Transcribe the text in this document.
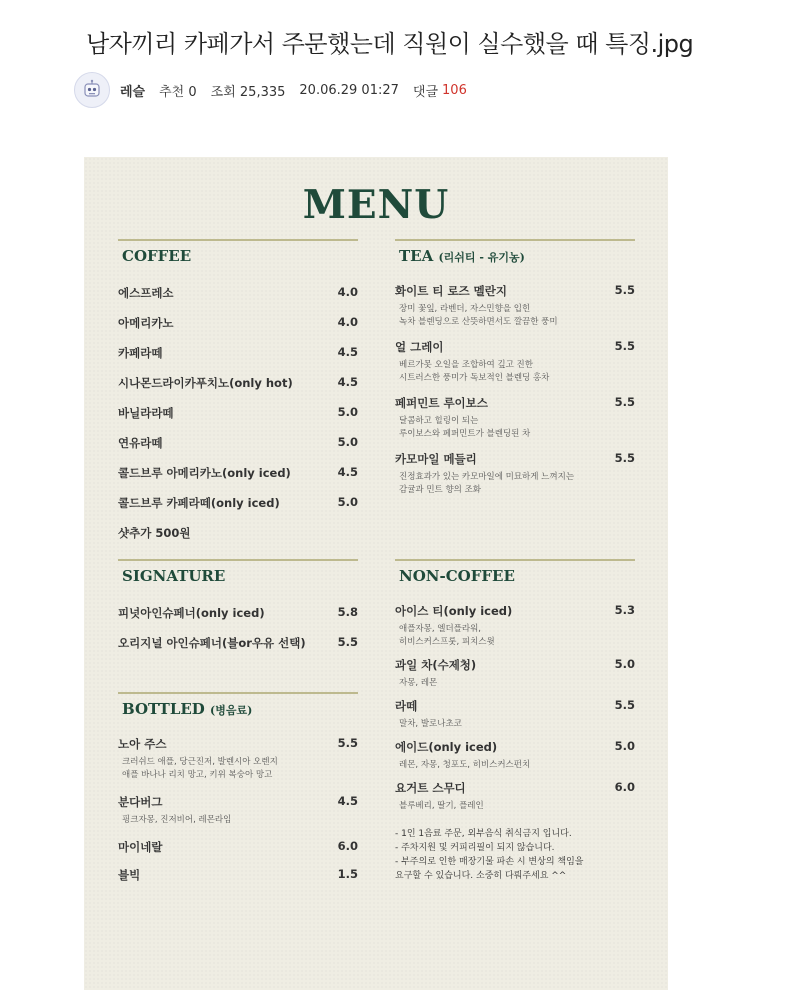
남자끼리 카페가서 주문했는데 직원이 실수했을 때 특징.jpg
레슬 추천 0 조회 25,335 20.06.29 01:27 댓글 106
MENU
COFFEE
에스프레소	4.0
아메리카노	4.0
카페라떼	4.5
시나몬드라이카푸치노(only hot)	4.5
바닐라라떼	5.0
연유라떼	5.0
콜드브루 아메리카노(only iced)	4.5
콜드브루 카페라떼(only iced)	5.0
샷추가 500원
SIGNATURE
피넛아인슈페너(only iced)	5.8
오리지널 아인슈페너(블or우유 선택)	5.5
BOTTLED (병음료)
노아 주스	5.5
크러쉬드 애플, 당근진저, 발렌시아 오렌지
애플 바나나 리치 망고, 키위 복숭아 망고
분다버그	4.5
핑크자몽, 진저비어, 레몬라임
마이네랄	6.0
블빅	1.5
TEA (리쉬티 - 유기농)
화이트 티 로즈 멜란지	5.5
장미 꽃잎, 라벤더, 자스민향을 입힌
녹차 블렌딩으로 산뜻하면서도 깔끔한 풍미
얼 그레이	5.5
베르가못 오일을 조합하여 깊고 진한
시트러스한 풍미가 독보적인 블렌딩 홍차
페퍼민트 루이보스	5.5
달콤하고 힐링이 되는
루이보스와 페퍼민트가 블렌딩된 차
카모마일 메들리	5.5
진정효과가 있는 카모마일에 미묘하게 느껴지는
감귤과 민트 향의 조화
NON-COFFEE
아이스 티(only iced)	5.3
애플자몽, 엘더플라워,
히비스커스프룻, 피치스윗
과일 차(수제청)	5.0
자몽, 레몬
라떼	5.5
말차, 발로나초코
에이드(only iced)	5.0
레몬, 자몽, 청포도, 히비스커스펀치
요거트 스무디	6.0
블루베리, 딸기, 플레인
- 1인 1음료 주문, 외부음식 취식금지 입니다.
- 주차지원 및 커피리필이 되지 않습니다.
- 부주의로 인한 매장기물 파손 시 변상의 책임을
요구할 수 있습니다. 소중히 다뤄주세요 ^^
